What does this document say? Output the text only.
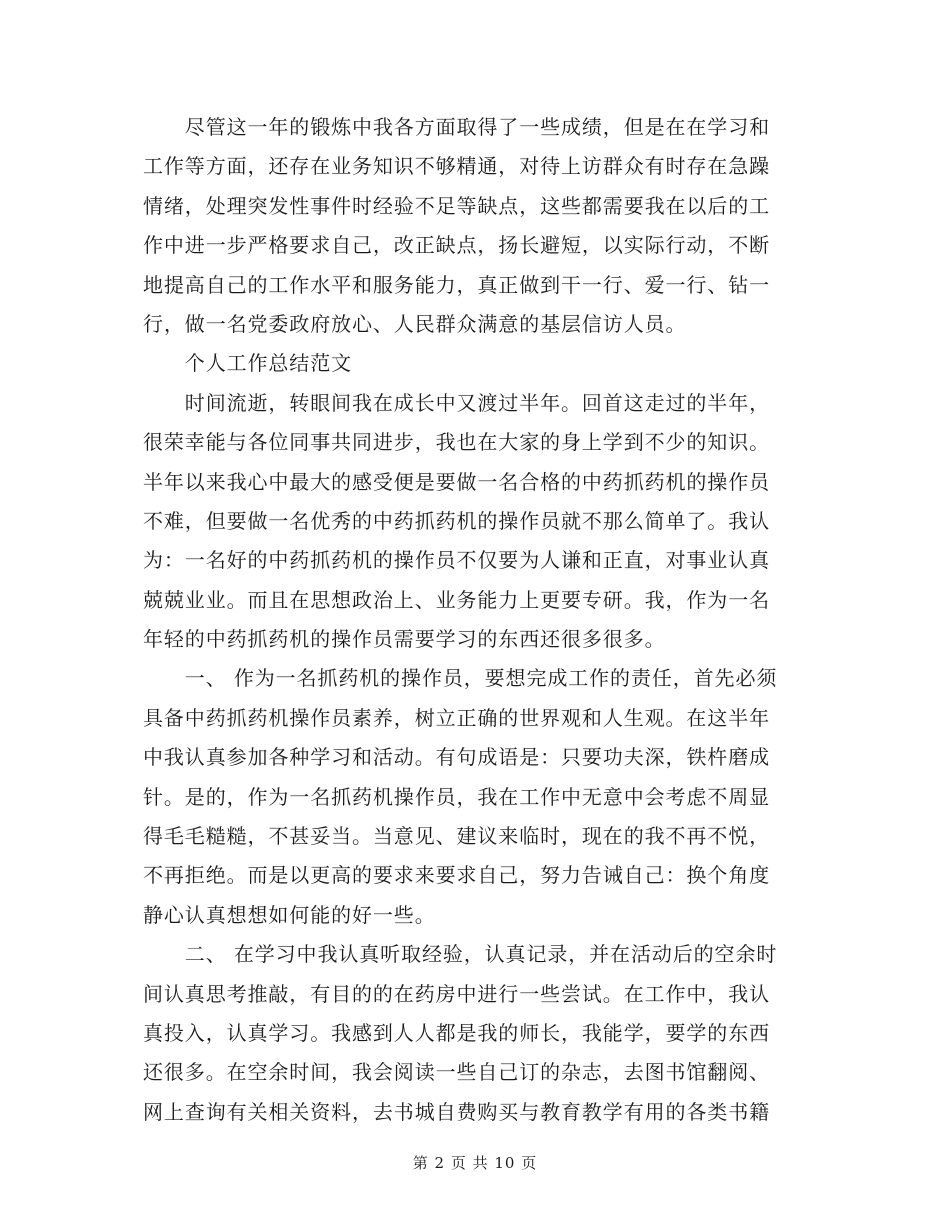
　　尽管这一年的锻炼中我各方面取得了一些成绩，但是在在学习和
工作等方面，还存在业务知识不够精通，对待上访群众有时存在急躁
情绪，处理突发性事件时经验不足等缺点，这些都需要我在以后的工
作中进一步严格要求自己，改正缺点，扬长避短，以实际行动，不断
地提高自己的工作水平和服务能力，真正做到干一行、爱一行、钻一
行，做一名党委政府放心、人民群众满意的基层信访人员。
　　个人工作总结范文
　　时间流逝，转眼间我在成长中又渡过半年。回首这走过的半年，
很荣幸能与各位同事共同进步，我也在大家的身上学到不少的知识。
半年以来我心中最大的感受便是要做一名合格的中药抓药机的操作员
不难，但要做一名优秀的中药抓药机的操作员就不那么简单了。我认
为：一名好的中药抓药机的操作员不仅要为人谦和正直，对事业认真
兢兢业业。而且在思想政治上、业务能力上更要专研。我，作为一名
年轻的中药抓药机的操作员需要学习的东西还很多很多。
　　一、 作为一名抓药机的操作员，要想完成工作的责任，首先必须
具备中药抓药机操作员素养，树立正确的世界观和人生观。在这半年
中我认真参加各种学习和活动。有句成语是：只要功夫深，铁杵磨成
针。是的，作为一名抓药机操作员，我在工作中无意中会考虑不周显
得毛毛糙糙，不甚妥当。当意见、建议来临时，现在的我不再不悦，
不再拒绝。而是以更高的要求来要求自己，努力告诫自己：换个角度
静心认真想想如何能的好一些。
　　二、 在学习中我认真听取经验，认真记录，并在活动后的空余时
间认真思考推敲，有目的的在药房中进行一些尝试。在工作中，我认
真投入，认真学习。我感到人人都是我的师长，我能学，要学的东西
还很多。在空余时间，我会阅读一些自己订的杂志，去图书馆翻阅、
网上查询有关相关资料，去书城自费购买与教育教学有用的各类书籍
第 2 页 共 10 页
